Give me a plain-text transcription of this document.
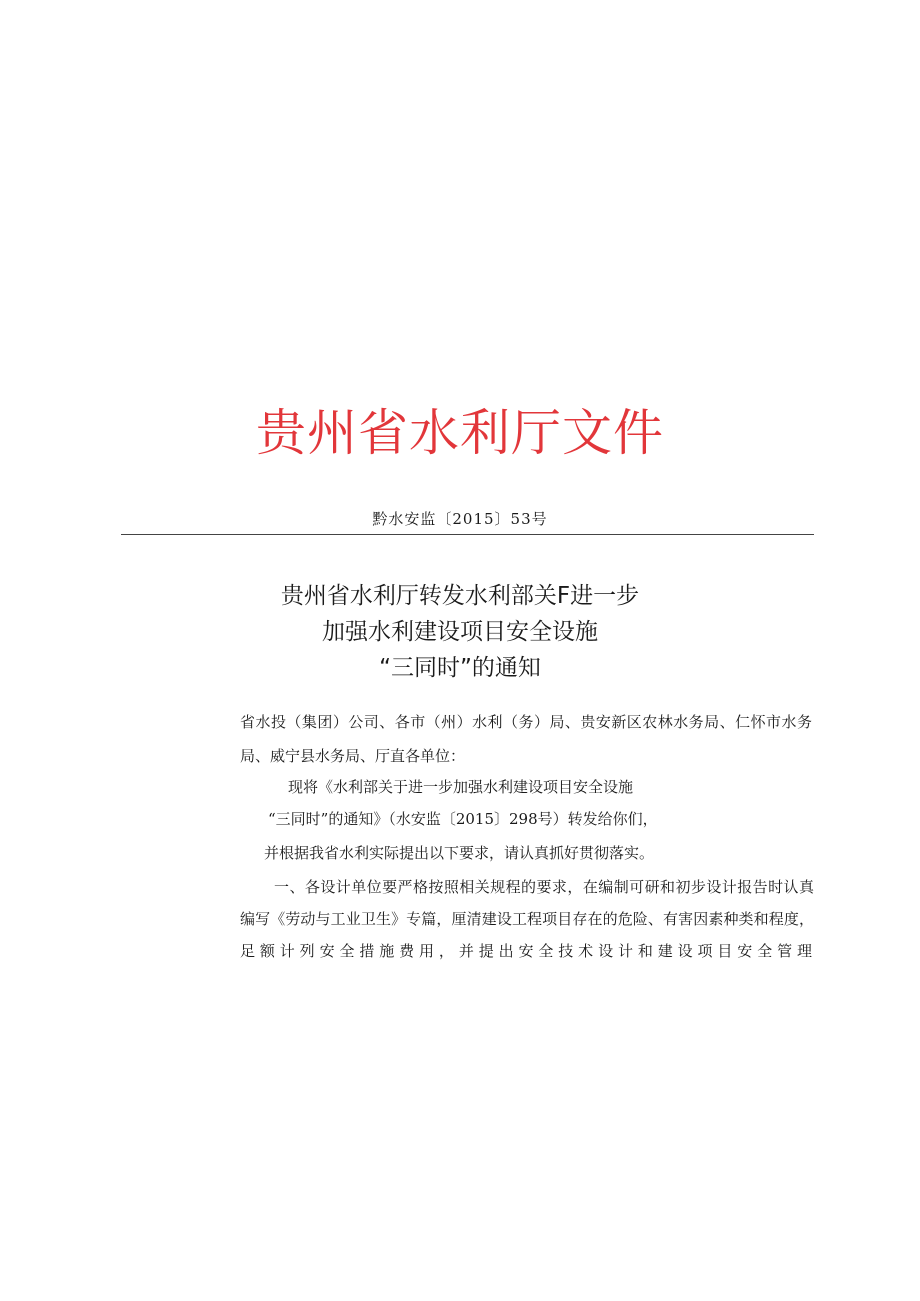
贵州省水利厅文件
黔水安监〔2015〕53号
贵州省水利厅转发水利部关F进一步
加强水利建设项目安全设施
“三同时”的通知
省水投（集团）公司、各市（州）水利（务）局、贵安新区农林水务局、仁怀市水务
局、威宁县水务局、厅直各单位：
现将《水利部关于进一步加强水利建设项目安全设施
“三同时”的通知》（水安监〔2015〕298号）转发给你们，
并根据我省水利实际提出以下要求，请认真抓好贯彻落实。
一、各设计单位要严格按照相关规程的要求，在编制可研和初步设计报告时认真
编写《劳动与工业卫生》专篇，厘清建设工程项目存在的危险、有害因素种类和程度，
足额计列安全措施费用，并提出安全技术设计和建设项目安全管理
